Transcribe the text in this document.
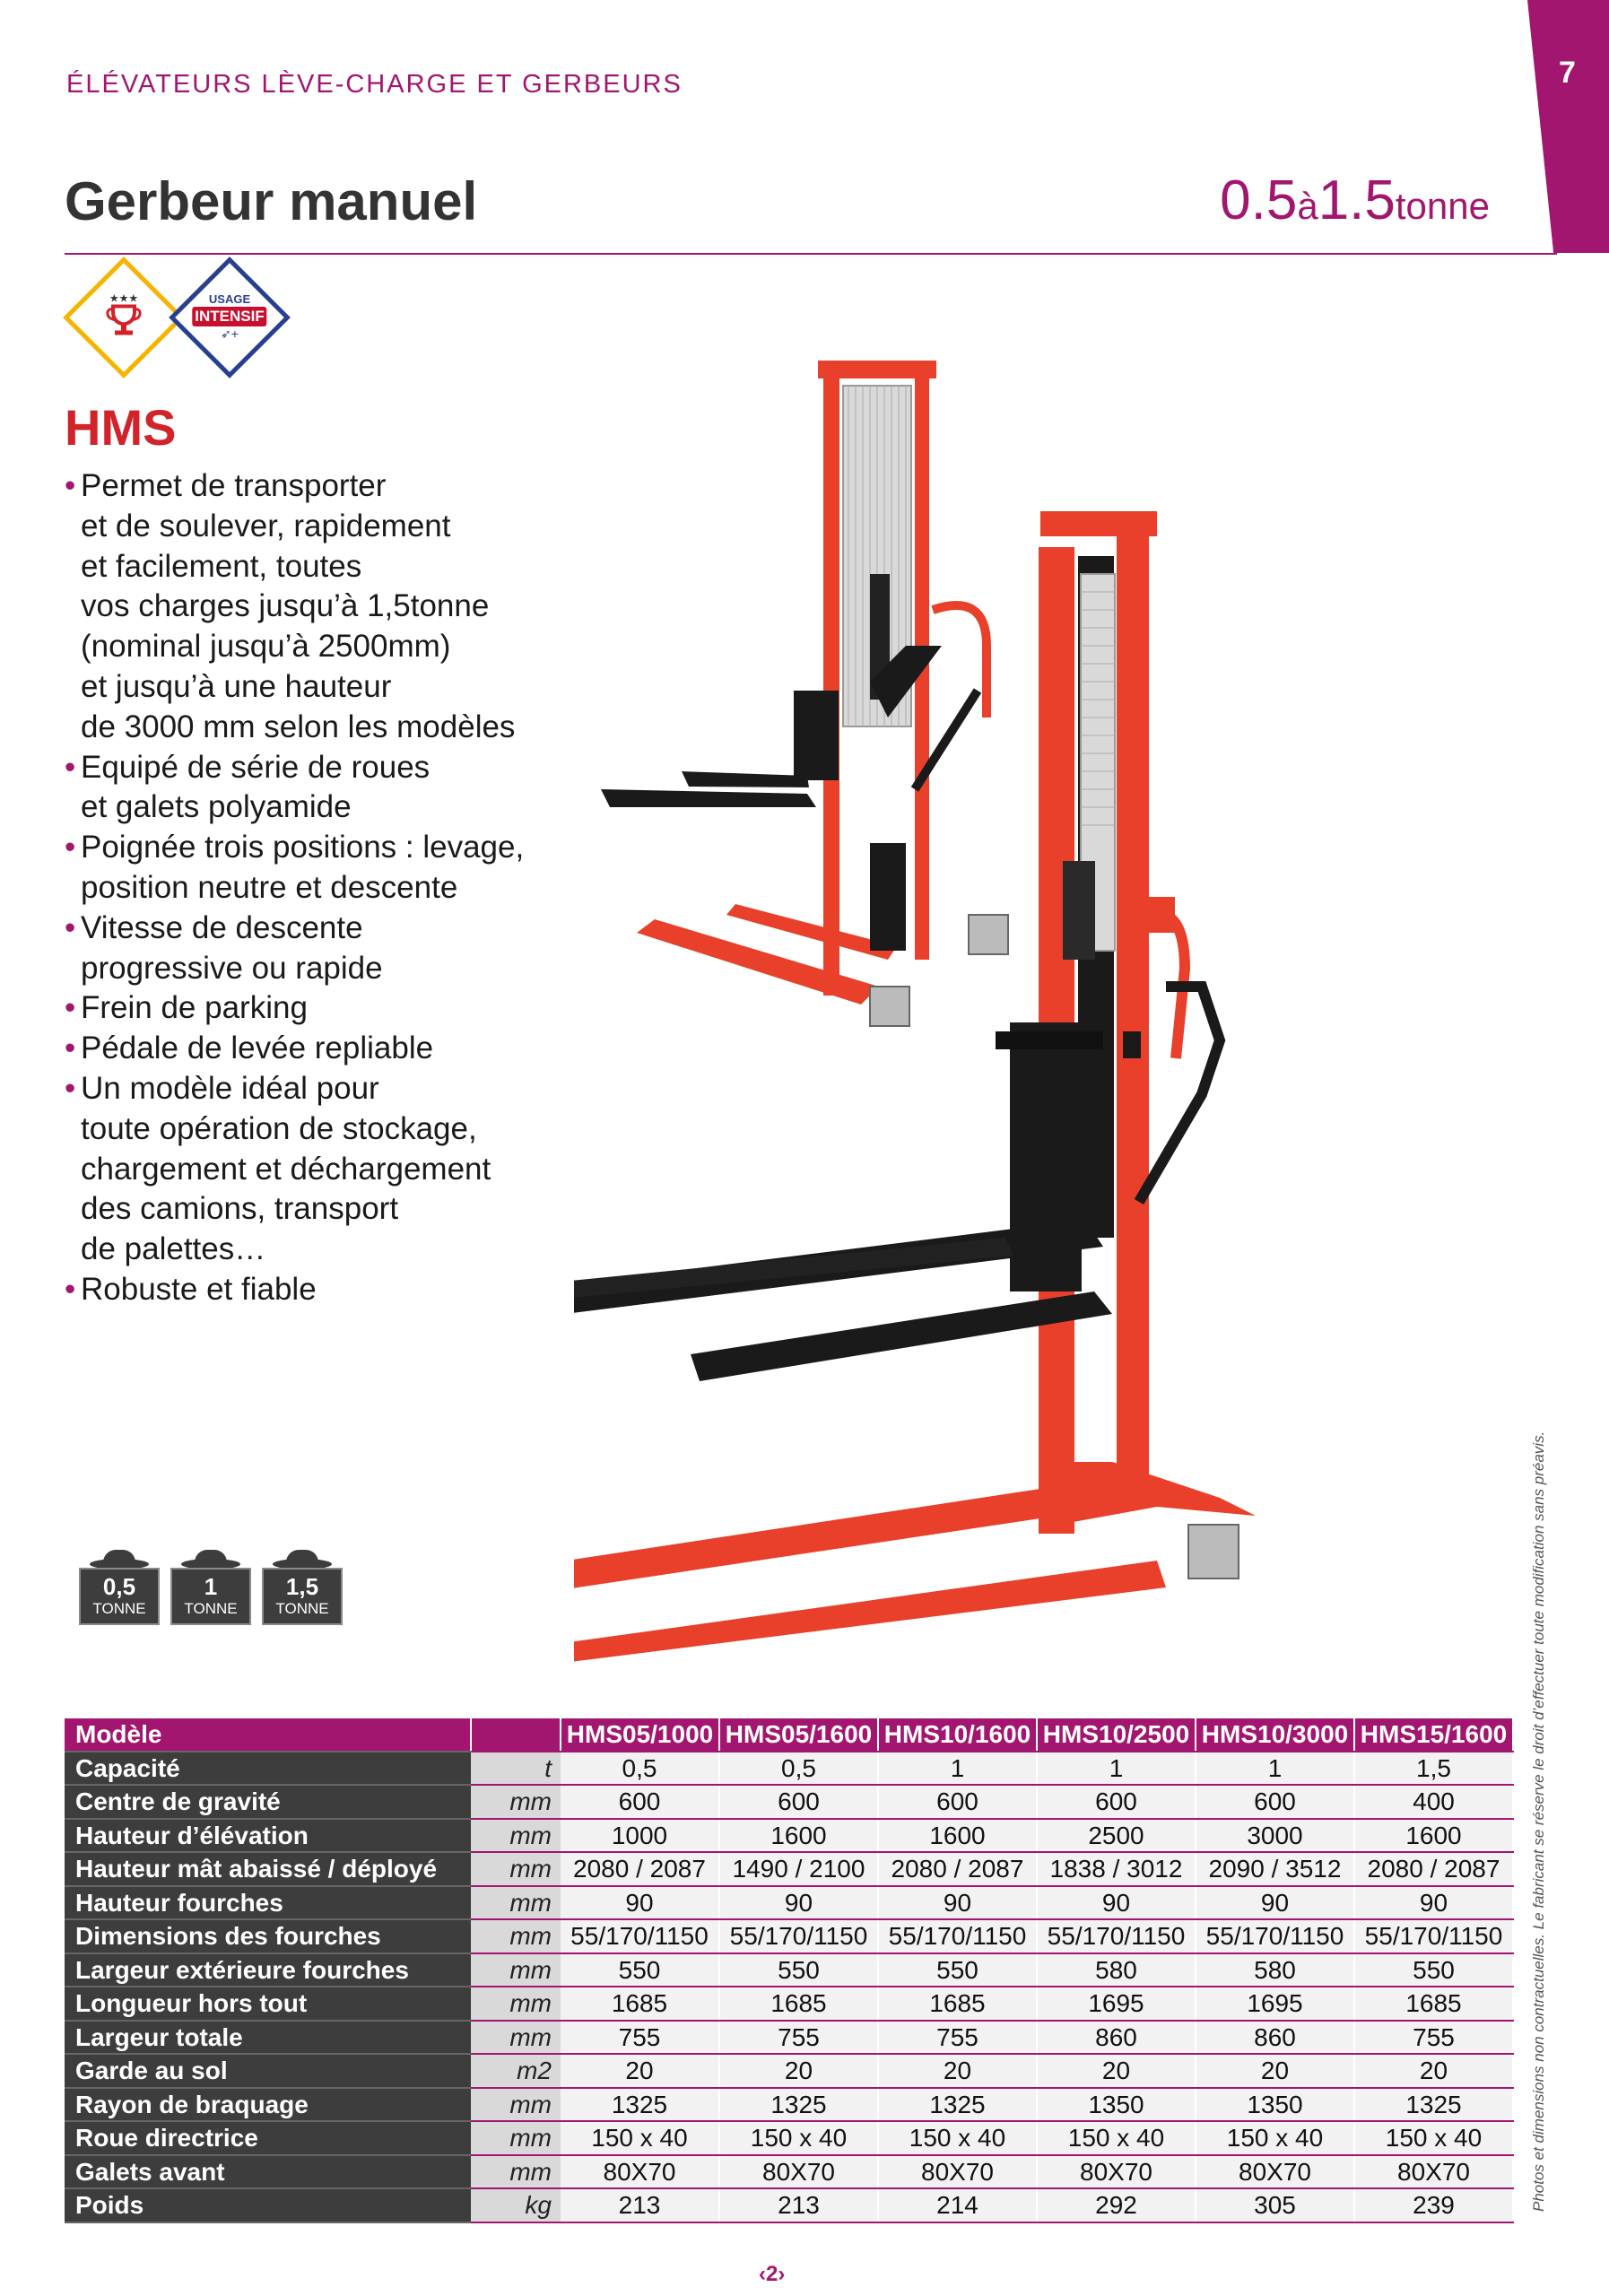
7
ÉLÉVATEURS LÈVE-CHARGE ET GERBEURS
Gerbeur manuel	0.5à1.5tonne
★★★	USAGE
INTENSIF
➶+
HMS
• Permet de transporter
et de soulever, rapidement
et facilement, toutes
vos charges jusqu’à 1,5tonne
(nominal jusqu’à 2500mm)
et jusqu’à une hauteur
de 3000 mm selon les modèles
• Equipé de série de roues
et galets polyamide
• Poignée trois positions : levage,
position neutre et descente
• Vitesse de descente
progressive ou rapide
• Frein de parking
• Pédale de levée repliable
• Un modèle idéal pour
toute opération de stockage,
chargement et déchargement
des camions, transport
de palettes…
• Robuste et fiable
0,5
TONNE
1
TONNE
1,5
TONNE	Photos et dimensions non contractuelles. Le fabricant se réserve le droit d’effectuer toute modification sans préavis.
Modèle		HMS05/1000	HMS05/1600	HMS10/1600	HMS10/2500	HMS10/3000	HMS15/1600
Capacité	t	0,5	0,5	1	1	1	1,5
Centre de gravité	mm	600	600	600	600	600	400
Hauteur d’élévation	mm	1000	1600	1600	2500	3000	1600
Hauteur mât abaissé / déployé	mm	2080 / 2087	1490 / 2100	2080 / 2087	1838 / 3012	2090 / 3512	2080 / 2087
Hauteur fourches	mm	90	90	90	90	90	90
Dimensions des fourches	mm	55/170/1150	55/170/1150	55/170/1150	55/170/1150	55/170/1150	55/170/1150
Largeur extérieure fourches	mm	550	550	550	580	580	550
Longueur hors tout	mm	1685	1685	1685	1695	1695	1685
Largeur totale	mm	755	755	755	860	860	755
Garde au sol	m2	20	20	20	20	20	20
Rayon de braquage	mm	1325	1325	1325	1350	1350	1325
Roue directrice	mm	150 x 40	150 x 40	150 x 40	150 x 40	150 x 40	150 x 40
Galets avant	mm	80X70	80X70	80X70	80X70	80X70	80X70
Poids	kg	213	213	214	292	305	239
‹2›
